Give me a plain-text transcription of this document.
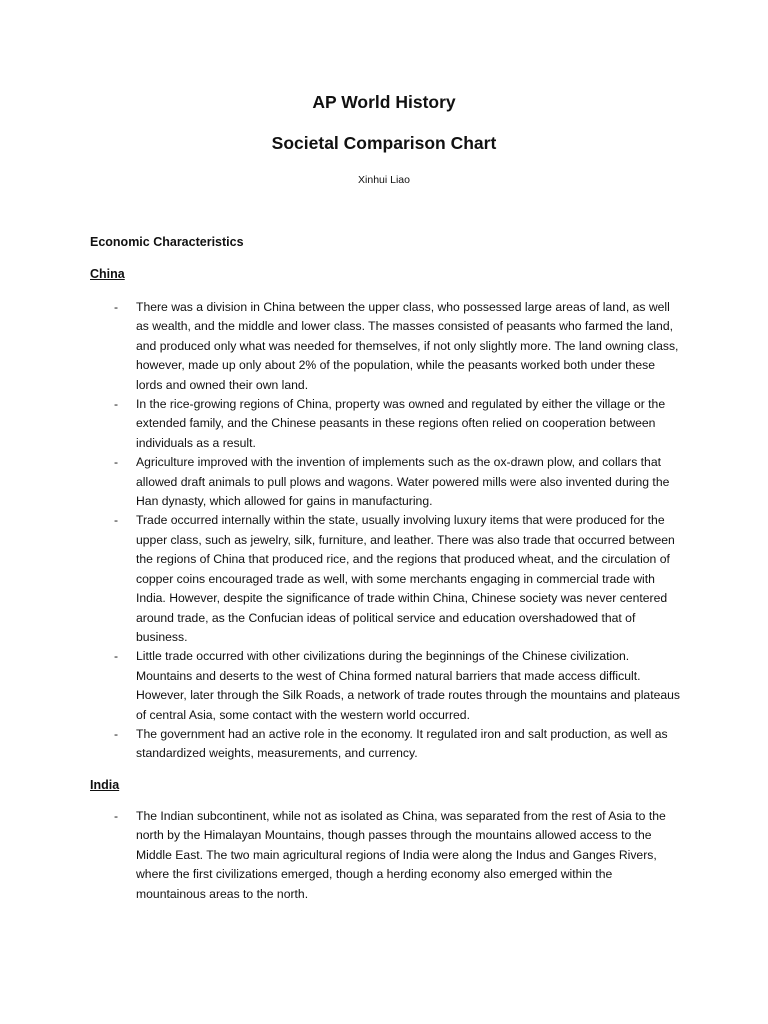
AP World History
Societal Comparison Chart

Xinhui Liao

Economic Characteristics
China
- There was a division in China between the upper class, who possessed large areas of land, as well as wealth, and the middle and lower class. The masses consisted of peasants who farmed the land, and produced only what was needed for themselves, if not only slightly more. The land owning class, however, made up only about 2% of the population, while the peasants worked both under these lords and owned their own land.
- In the rice-growing regions of China, property was owned and regulated by either the village or the extended family, and the Chinese peasants in these regions often relied on cooperation between individuals as a result.
- Agriculture improved with the invention of implements such as the ox-drawn plow, and collars that allowed draft animals to pull plows and wagons. Water powered mills were also invented during the Han dynasty, which allowed for gains in manufacturing.
- Trade occurred internally within the state, usually involving luxury items that were produced for the upper class, such as jewelry, silk, furniture, and leather. There was also trade that occurred between the regions of China that produced rice, and the regions that produced wheat, and the circulation of copper coins encouraged trade as well, with some merchants engaging in commercial trade with India. However, despite the significance of trade within China, Chinese society was never centered around trade, as the Confucian ideas of political service and education overshadowed that of business.
- Little trade occurred with other civilizations during the beginnings of the Chinese civilization. Mountains and deserts to the west of China formed natural barriers that made access difficult. However, later through the Silk Roads, a network of trade routes through the mountains and plateaus of central Asia, some contact with the western world occurred.
- The government had an active role in the economy. It regulated iron and salt production, as well as standardized weights, measurements, and currency.
India
- The Indian subcontinent, while not as isolated as China, was separated from the rest of Asia to the north by the Himalayan Mountains, though passes through the mountains allowed access to the Middle East. The two main agricultural regions of India were along the Indus and Ganges Rivers, where the first civilizations emerged, though a herding economy also emerged within the mountainous areas to the north.
